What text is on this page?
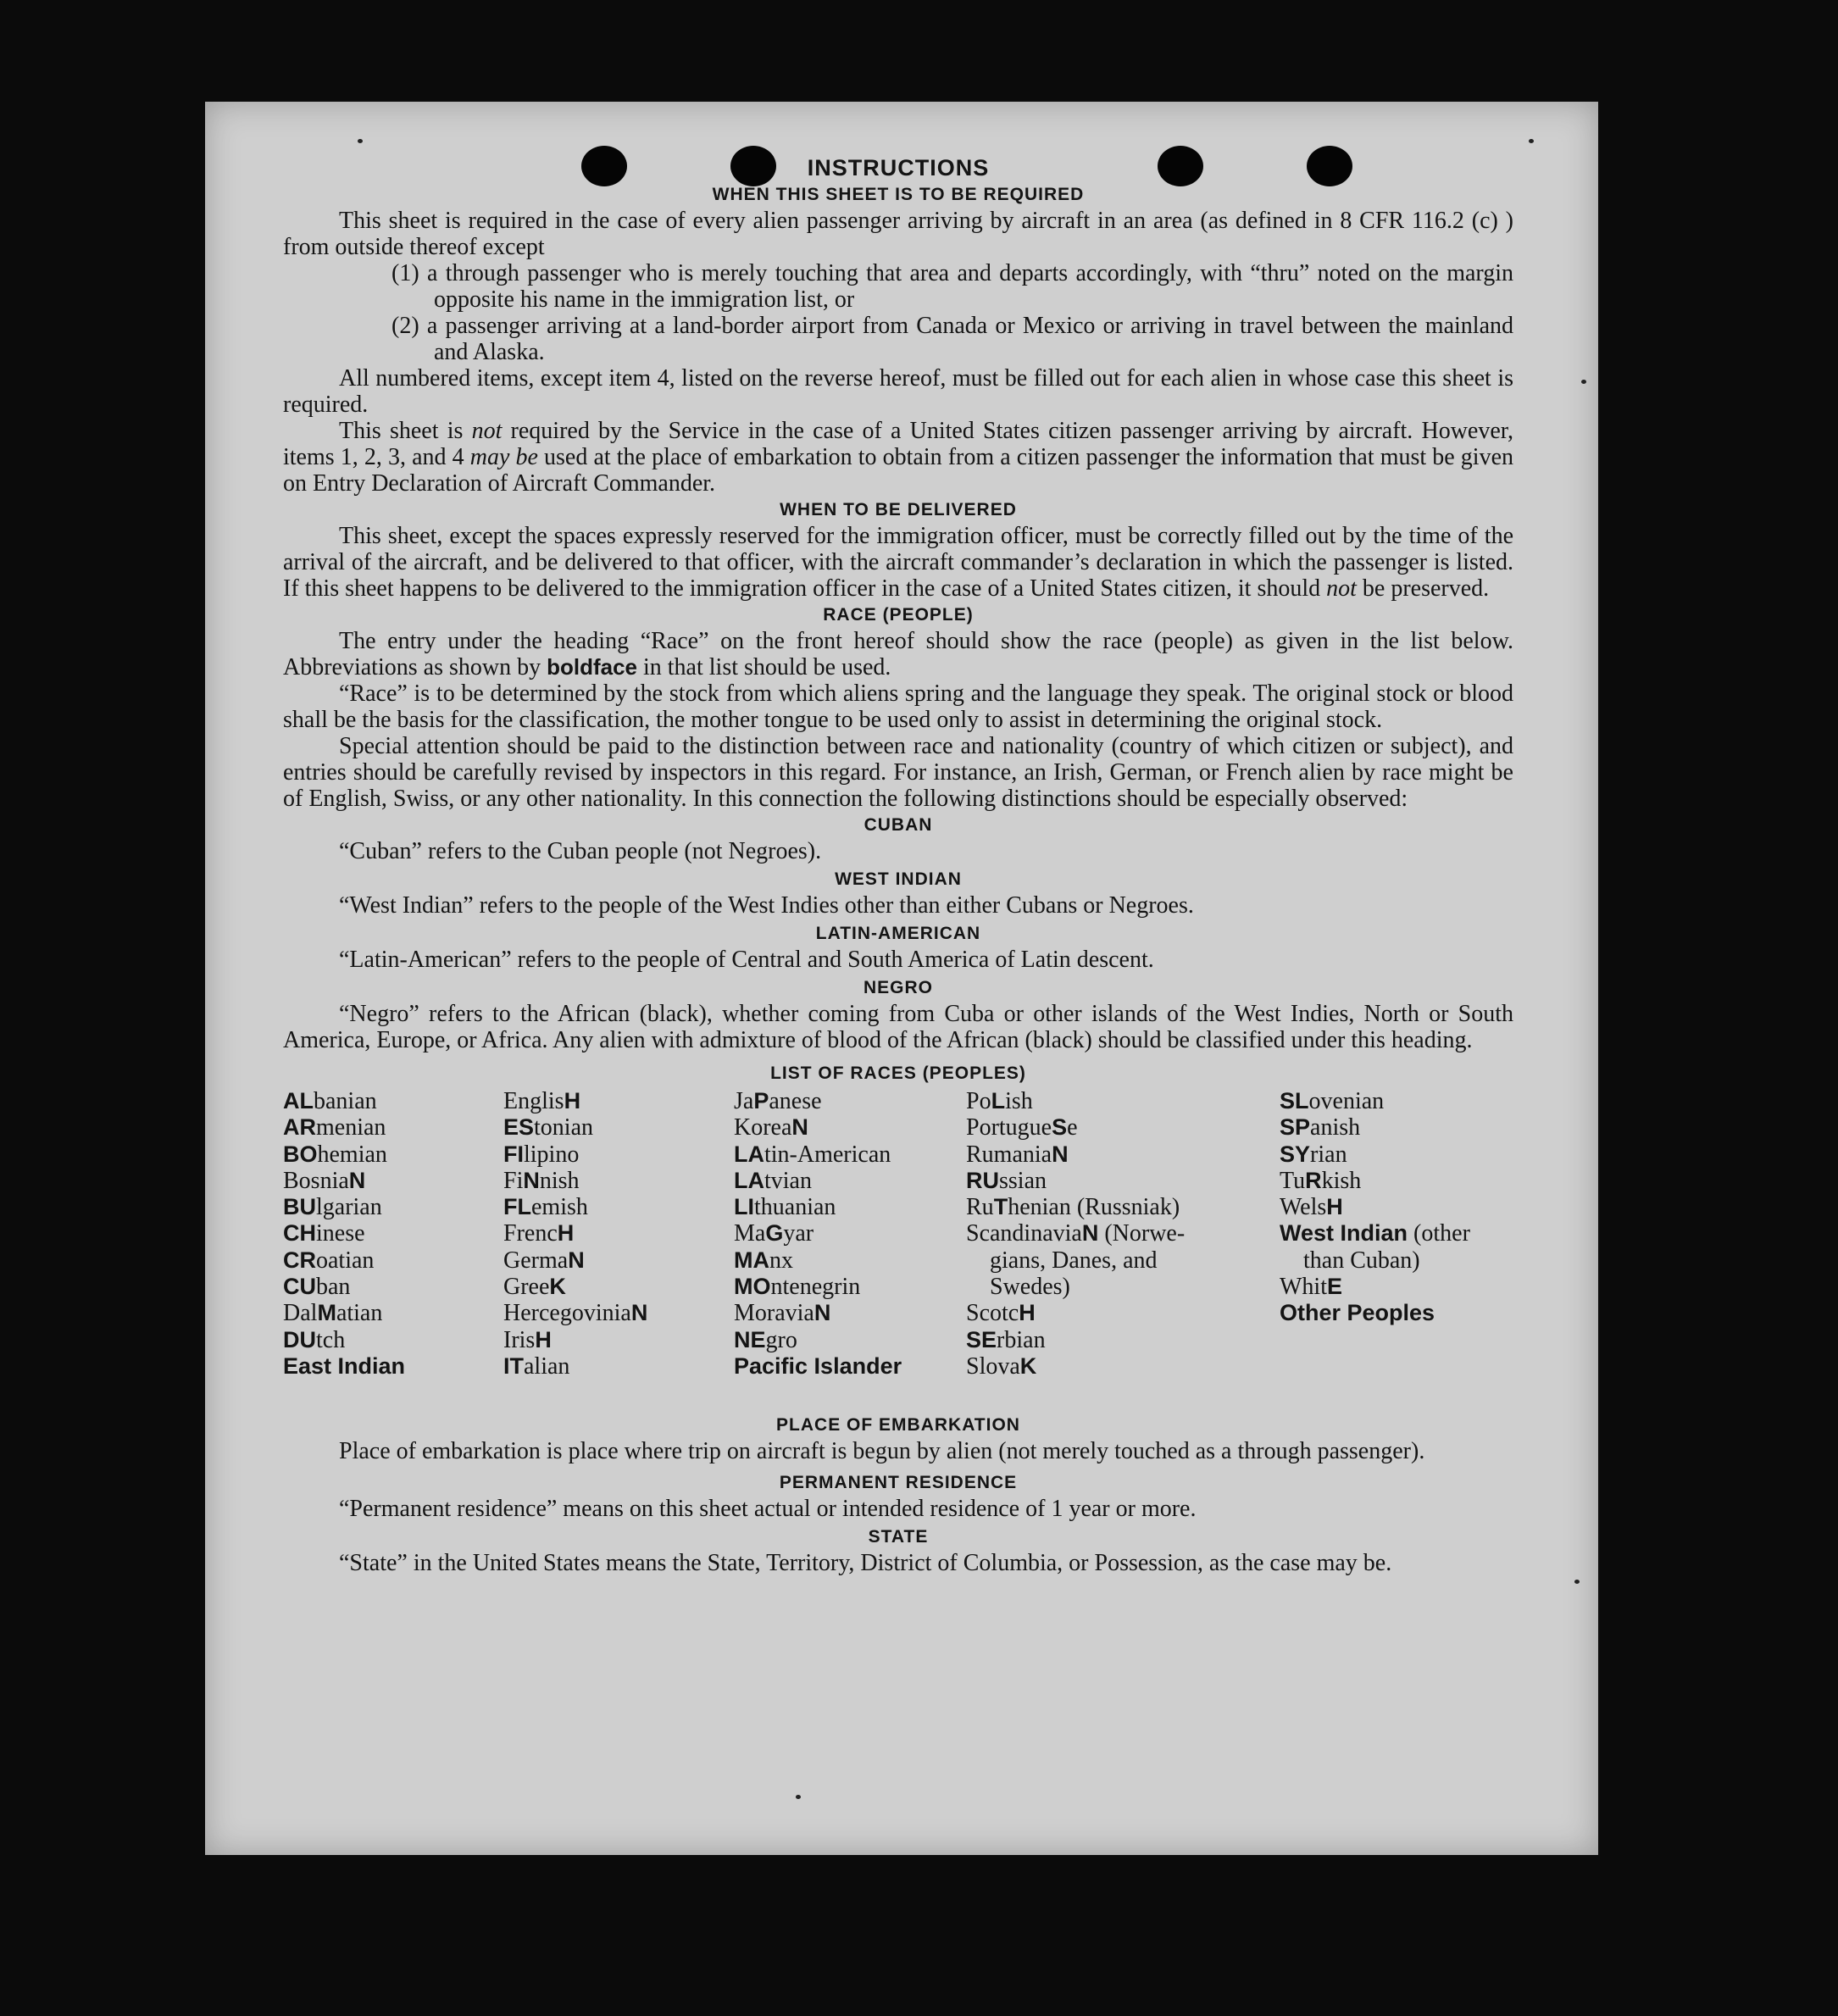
INSTRUCTIONS
WHEN THIS SHEET IS TO BE REQUIRED

This sheet is required in the case of every alien passenger arriving by aircraft in an area (as defined in 8 CFR 116.2 (c) ) from outside thereof except

(1) a through passenger who is merely touching that area and departs accordingly, with “thru” noted on the margin opposite his name in the immigration list, or
(2) a passenger arriving at a land-border airport from Canada or Mexico or arriving in travel between the mainland and Alaska.

All numbered items, except item 4, listed on the reverse hereof, must be filled out for each alien in whose case this sheet is required.

This sheet is not required by the Service in the case of a United States citizen passenger arriving by aircraft. However, items 1, 2, 3, and 4 may be used at the place of embarkation to obtain from a citizen passenger the information that must be given on Entry Declaration of Aircraft Commander.

WHEN TO BE DELIVERED

This sheet, except the spaces expressly reserved for the immigration officer, must be correctly filled out by the time of the arrival of the aircraft, and be delivered to that officer, with the aircraft commander’s declaration in which the passenger is listed. If this sheet happens to be delivered to the immigration officer in the case of a United States citizen, it should not be preserved.

RACE (PEOPLE)

The entry under the heading “Race” on the front hereof should show the race (people) as given in the list below. Abbreviations as shown by boldface in that list should be used.

“Race” is to be determined by the stock from which aliens spring and the language they speak. The original stock or blood shall be the basis for the classification, the mother tongue to be used only to assist in determining the original stock.

Special attention should be paid to the distinction between race and nationality (country of which citizen or subject), and entries should be carefully revised by inspectors in this regard. For instance, an Irish, German, or French alien by race might be of English, Swiss, or any other nationality. In this connection the following distinctions should be especially observed:

CUBAN
“Cuban” refers to the Cuban people (not Negroes).
WEST INDIAN
“West Indian” refers to the people of the West Indies other than either Cubans or Negroes.
LATIN-AMERICAN
“Latin-American” refers to the people of Central and South America of Latin descent.
NEGRO

“Negro” refers to the African (black), whether coming from Cuba or other islands of the West Indies, North or South America, Europe, or Africa. Any alien with admixture of blood of the African (black) should be classified under this heading.

LIST OF RACES (PEOPLES)
ALbanian
ARmenian
BOhemian
BosniaN
BUlgarian
CHinese
CRoatian
CUban
DalMatian
DUtch
East Indian
EnglisH
EStonian
FIlipino
FiNnish
FLemish
FrencH
GermaN
GreeK
HercegoviniaN
IrisH
ITalian
JaPanese
KoreaN
LAtin-American
LAtvian
LIthuanian
MaGyar
MAnx
MOntenegrin
MoraviaN
NEgro
Pacific Islander
PoLish
PortugueSe
RumaniaN
RUssian
RuThenian (Russniak)
ScandinaviaN (Norwe-gians, Danes, and Swedes)
ScotcH
SErbian
SlovaK
SLovenian
SPanish
SYrian
TuRkish
WelsH
West Indian (other than Cuban)
WhitE
Other Peoples
PLACE OF EMBARKATION

Place of embarkation is place where trip on aircraft is begun by alien (not merely touched as a through passenger).

PERMANENT RESIDENCE
“Permanent residence” means on this sheet actual or intended residence of 1 year or more.
STATE

“State” in the United States means the State, Territory, District of Columbia, or Possession, as the case may be.
